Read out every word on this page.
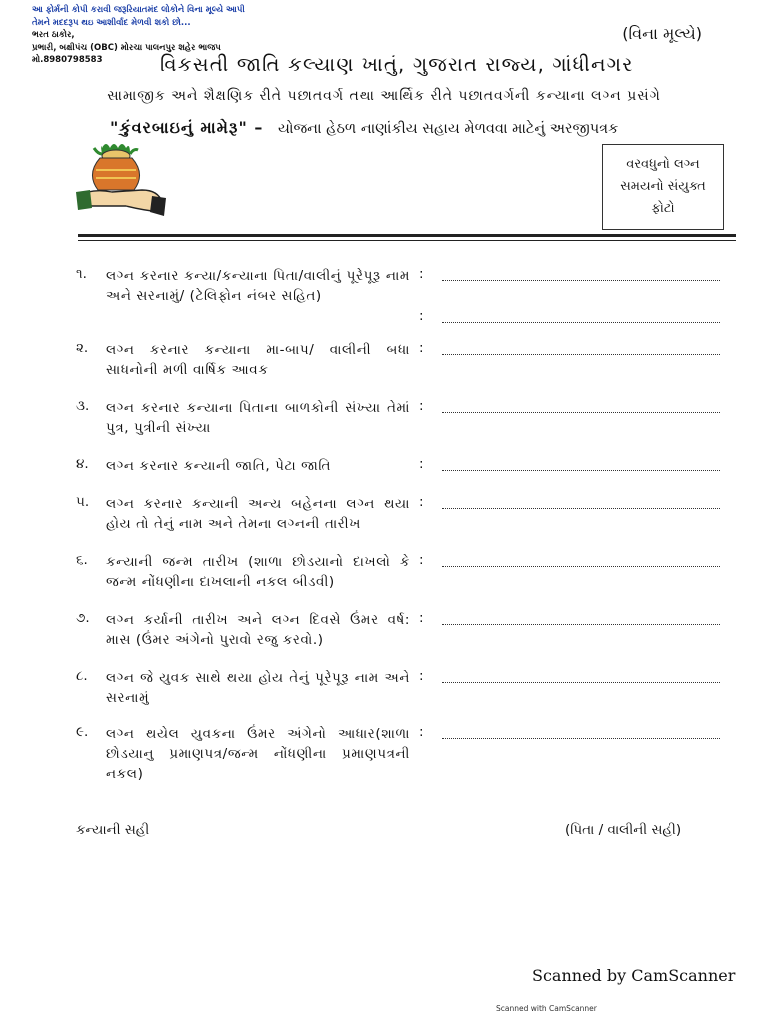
આ ફોર્મની કોપી કરાવી જરૂરિયાતમંદ લોકોને વિના મૂલ્યે આપી
તેમને મદદરૂપ થઇ આશીર્વાદ મેળવી શકો છો...
ભરત ઠાકોર,
પ્રભારી, બક્ષીપંચ (OBC) મોરચા પાલનપુર શહેર ભાજપ
મો.8980798583
(વિના મૂલ્યે)
વિકસતી જાતિ કલ્યાણ ખાતું, ગુજરાત રાજ્ય, ગાંધીનગર
સામાજીક અને શૈક્ષણિક રીતે પછાતવર્ગ તથા આર્થિક રીતે પછાતવર્ગની કન્યાના લગ્ન પ્રસંગે
"કુંવરબાઇનું મામેરૂ" – યોજના હેઠળ નાણાંકીય સહાય મેળવવા માટેનું અરજીપત્રક
વરવધુનો લગ્ન
સમયનો સંયુક્ત
ફોટો
૧. લગ્ન કરનાર કન્યા/કન્યાના પિતા/વાલીનું પૂરેપૂરૂ નામ અને સરનામું/ (ટેલિફોન નંબર સહિત)
:
:
૨. લગ્ન કરનાર કન્યાના મા-બાપ/ વાલીની બધા સાધનોની મળી વાર્ષિક આવક
:
૩. લગ્ન કરનાર કન્યાના પિતાના બાળકોની સંખ્યા તેમાં પુત્ર, પુત્રીની સંખ્યા
:
૪. લગ્ન કરનાર કન્યાની જાતિ, પેટા જાતિ	:
૫. લગ્ન કરનાર કન્યાની અન્ય બહેનના લગ્ન થયા હોય તો તેનું નામ અને તેમના લગ્નની તારીખ
:
૬. કન્યાની જન્મ તારીખ (શાળા છોડયાનો દાખલો કે જન્મ નોંધણીના દાખલાની નકલ બીડવી)
:
૭. લગ્ન કર્યાની તારીખ અને લગ્ન દિવસે ઉંમર વર્ષ: માસ (ઉંમર અંગેનો પુરાવો રજુ કરવો.)
:
૮. લગ્ન જે યુવક સાથે થયા હોય તેનું પૂરેપૂરૂ નામ અને સરનામું
:
૯. લગ્ન થયેલ યુવકના ઉંમર અંગેનો આધાર(શાળા છોડયાનુ પ્રમાણપત્ર/જન્મ નોંધણીના પ્રમાણપત્રની નકલ)
:
કન્યાની સહી	(પિતા / વાલીની સહી)
Scanned by CamScanner
Scanned with CamScanner
